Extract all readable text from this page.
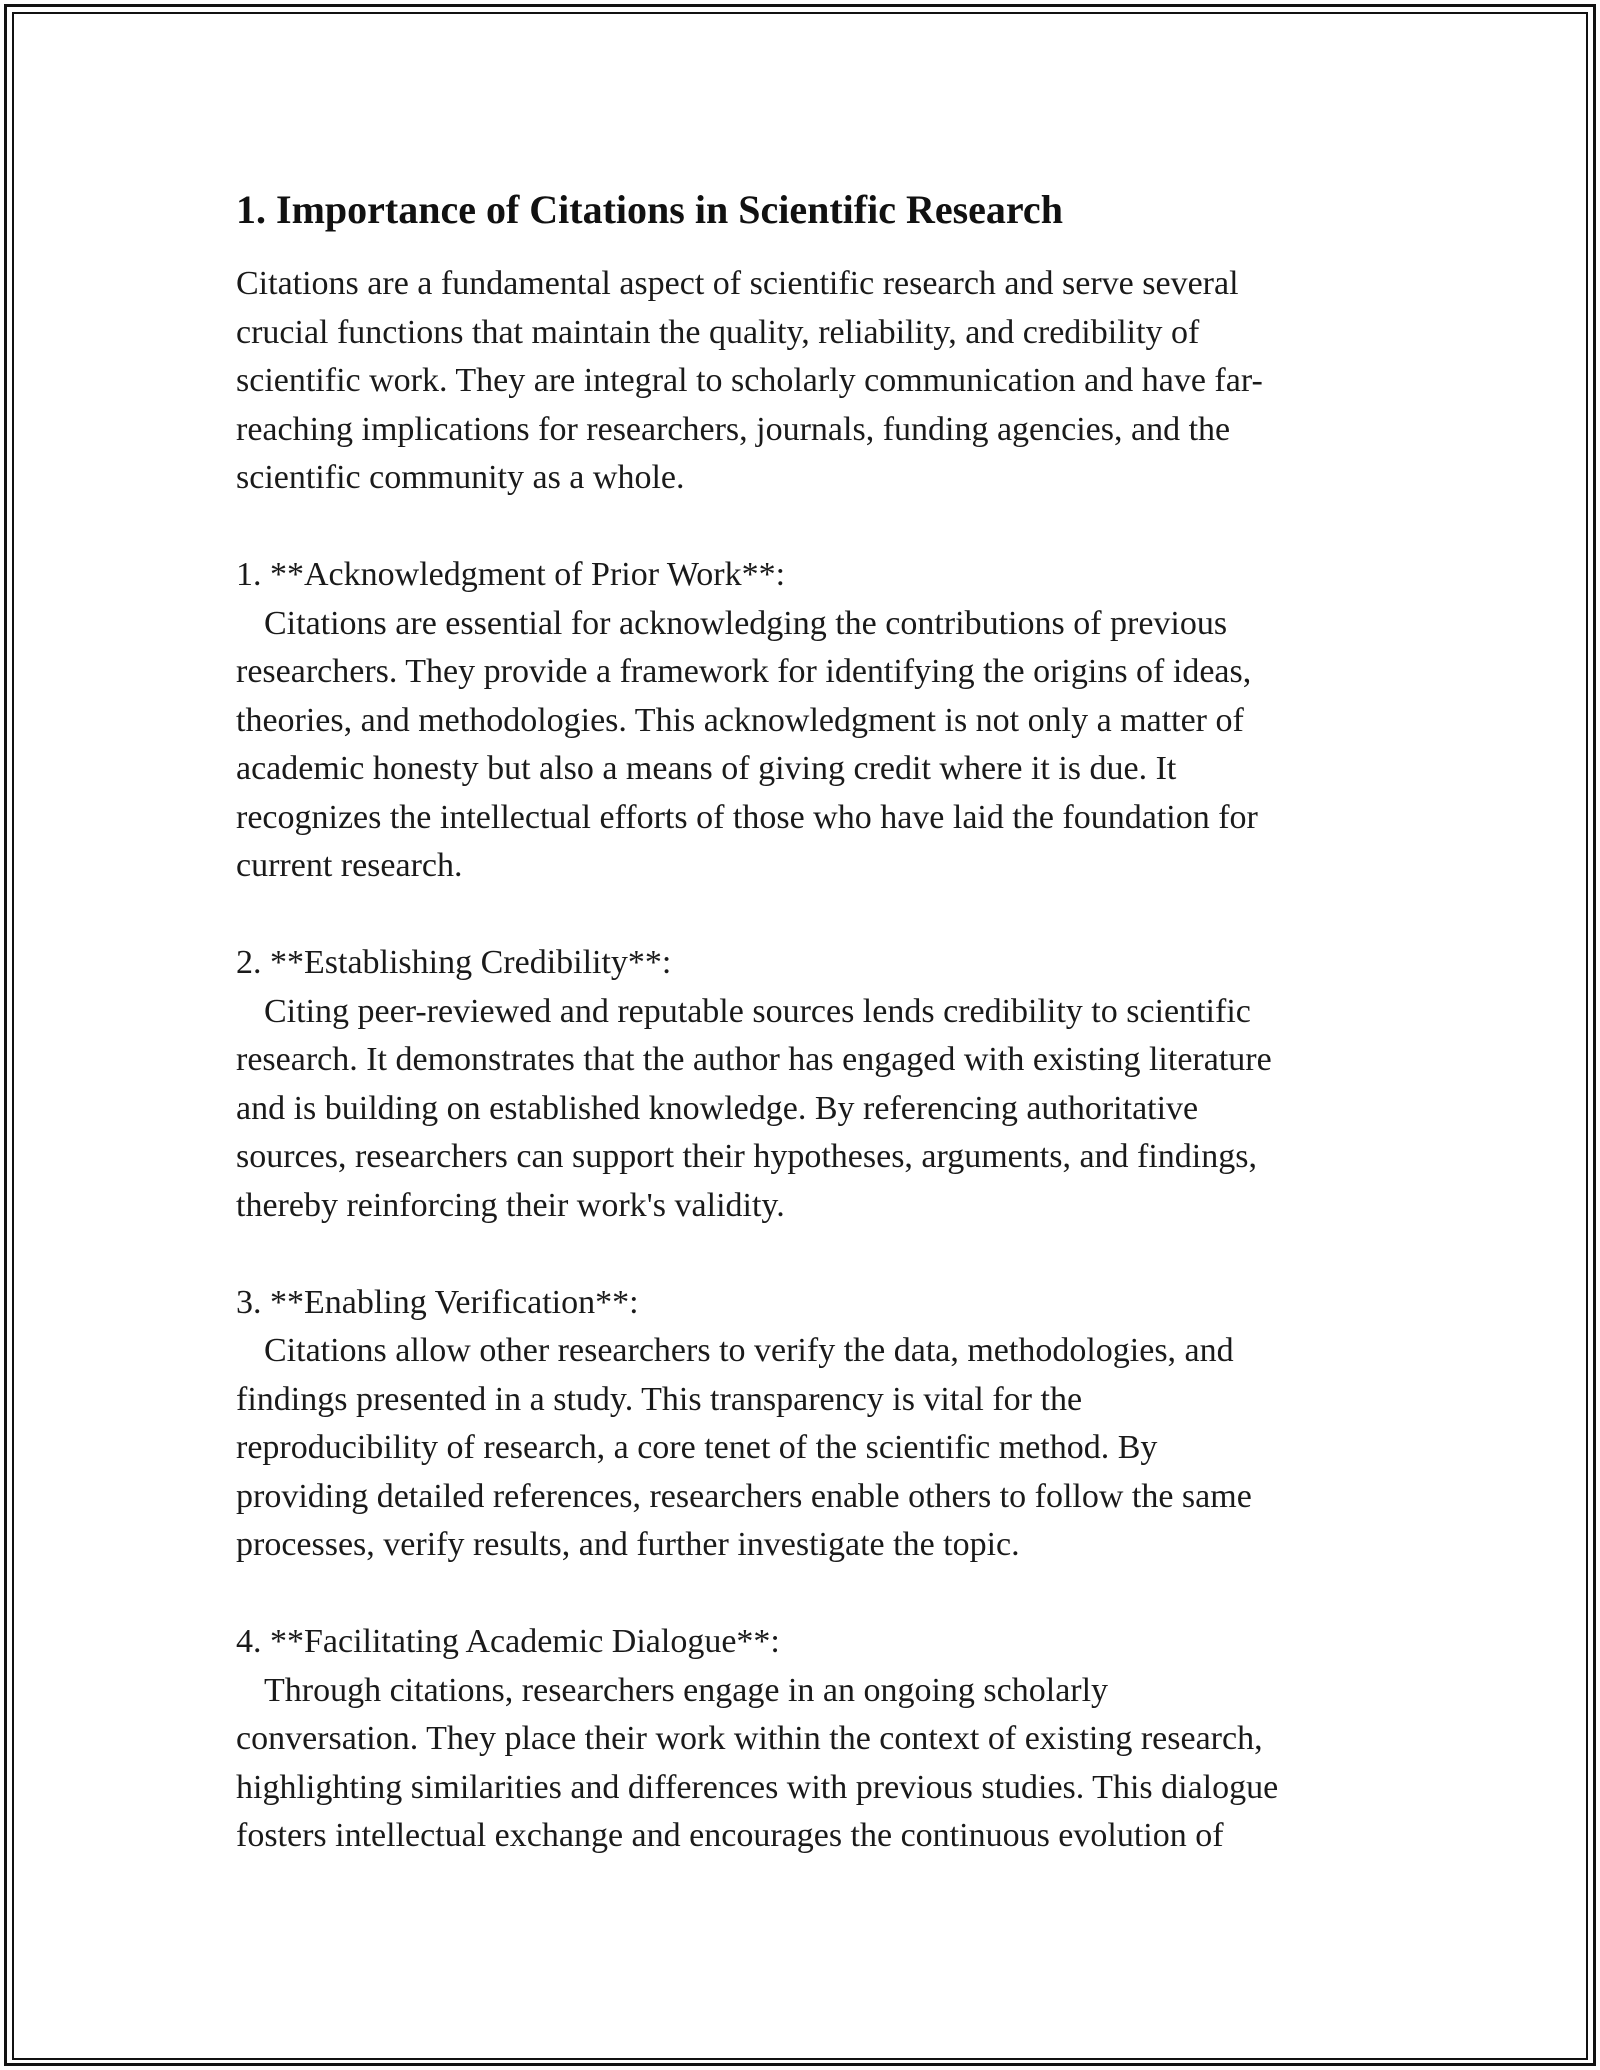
1. Importance of Citations in Scientific Research

Citations are a fundamental aspect of scientific research and serve several
crucial functions that maintain the quality, reliability, and credibility of
scientific work. They are integral to scholarly communication and have far-
reaching implications for researchers, journals, funding agencies, and the
scientific community as a whole.

1. **Acknowledgment of Prior Work**:

Citations are essential for acknowledging the contributions of previous
researchers. They provide a framework for identifying the origins of ideas,
theories, and methodologies. This acknowledgment is not only a matter of
academic honesty but also a means of giving credit where it is due. It
recognizes the intellectual efforts of those who have laid the foundation for
current research.

2. **Establishing Credibility**:

Citing peer-reviewed and reputable sources lends credibility to scientific
research. It demonstrates that the author has engaged with existing literature
and is building on established knowledge. By referencing authoritative
sources, researchers can support their hypotheses, arguments, and findings,
thereby reinforcing their work's validity.

3. **Enabling Verification**:

Citations allow other researchers to verify the data, methodologies, and
findings presented in a study. This transparency is vital for the
reproducibility of research, a core tenet of the scientific method. By
providing detailed references, researchers enable others to follow the same
processes, verify results, and further investigate the topic.

4. **Facilitating Academic Dialogue**:

Through citations, researchers engage in an ongoing scholarly
conversation. They place their work within the context of existing research,
highlighting similarities and differences with previous studies. This dialogue
fosters intellectual exchange and encourages the continuous evolution of
